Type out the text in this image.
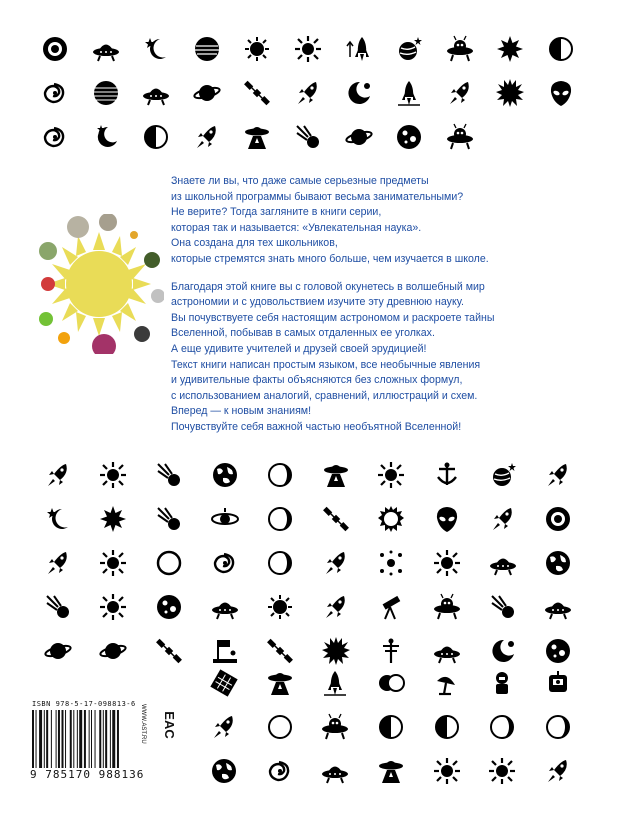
Знаете ли вы, что даже самые серьезные предметы
из школьной программы бывают весьма занимательными?
Не верите? Тогда загляните в книги серии,
которая так и называется: «Увлекательная наука».
Она создана для тех школьников,
которые стремятся знать много больше, чем изучается в школе.

Благодаря этой книге вы с головой окунетесь в волшебный мир
астрономии и с удовольствием изучите эту древнюю науку.
Вы почувствуете себя настоящим астрономом и раскроете тайны
Вселенной, побывав в самых отдаленных ее уголках.
А еще удивите учителей и друзей своей эрудицией!
Текст книги написан простым языком, все необычные явления
и удивительные факты объясняются без сложных формул,
с использованием аналогий, сравнений, иллюстраций и схем.
Вперед — к новым знаниям!
Почувствуйте себя важной частью необъятной Вселенной!

ISBN 978-5-17-098813-6
9 785170 988136
WWW.AST.RU EAC
